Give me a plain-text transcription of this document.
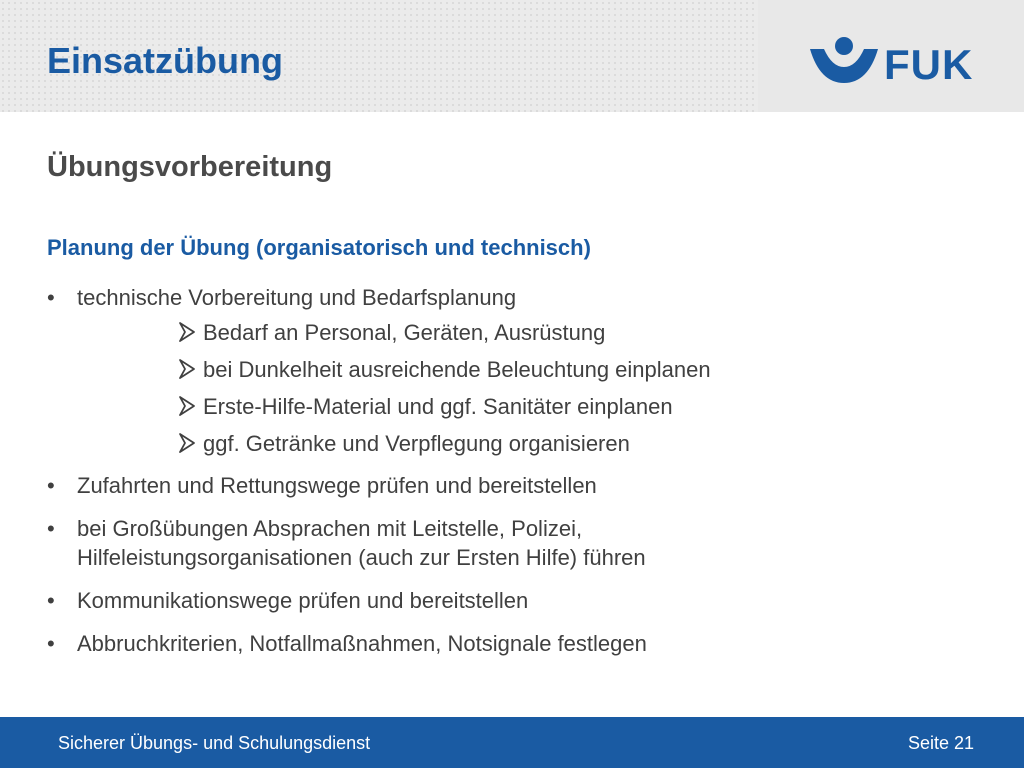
Einsatzübung	FUK
Übungsvorbereitung
Planung der Übung (organisatorisch und technisch)
• technische Vorbereitung und Bedarfsplanung
Bedarf an Personal, Geräten, Ausrüstung
bei Dunkelheit ausreichende Beleuchtung einplanen
Erste-Hilfe-Material und ggf. Sanitäter einplanen
ggf. Getränke und Verpflegung organisieren
• Zufahrten und Rettungswege prüfen und bereitstellen
• bei Großübungen Absprachen mit Leitstelle, Polizei,
Hilfeleistungsorganisationen (auch zur Ersten Hilfe) führen
• Kommunikationswege prüfen und bereitstellen
• Abbruchkriterien, Notfallmaßnahmen, Notsignale festlegen
Sicherer Übungs- und Schulungsdienst	Seite 21
